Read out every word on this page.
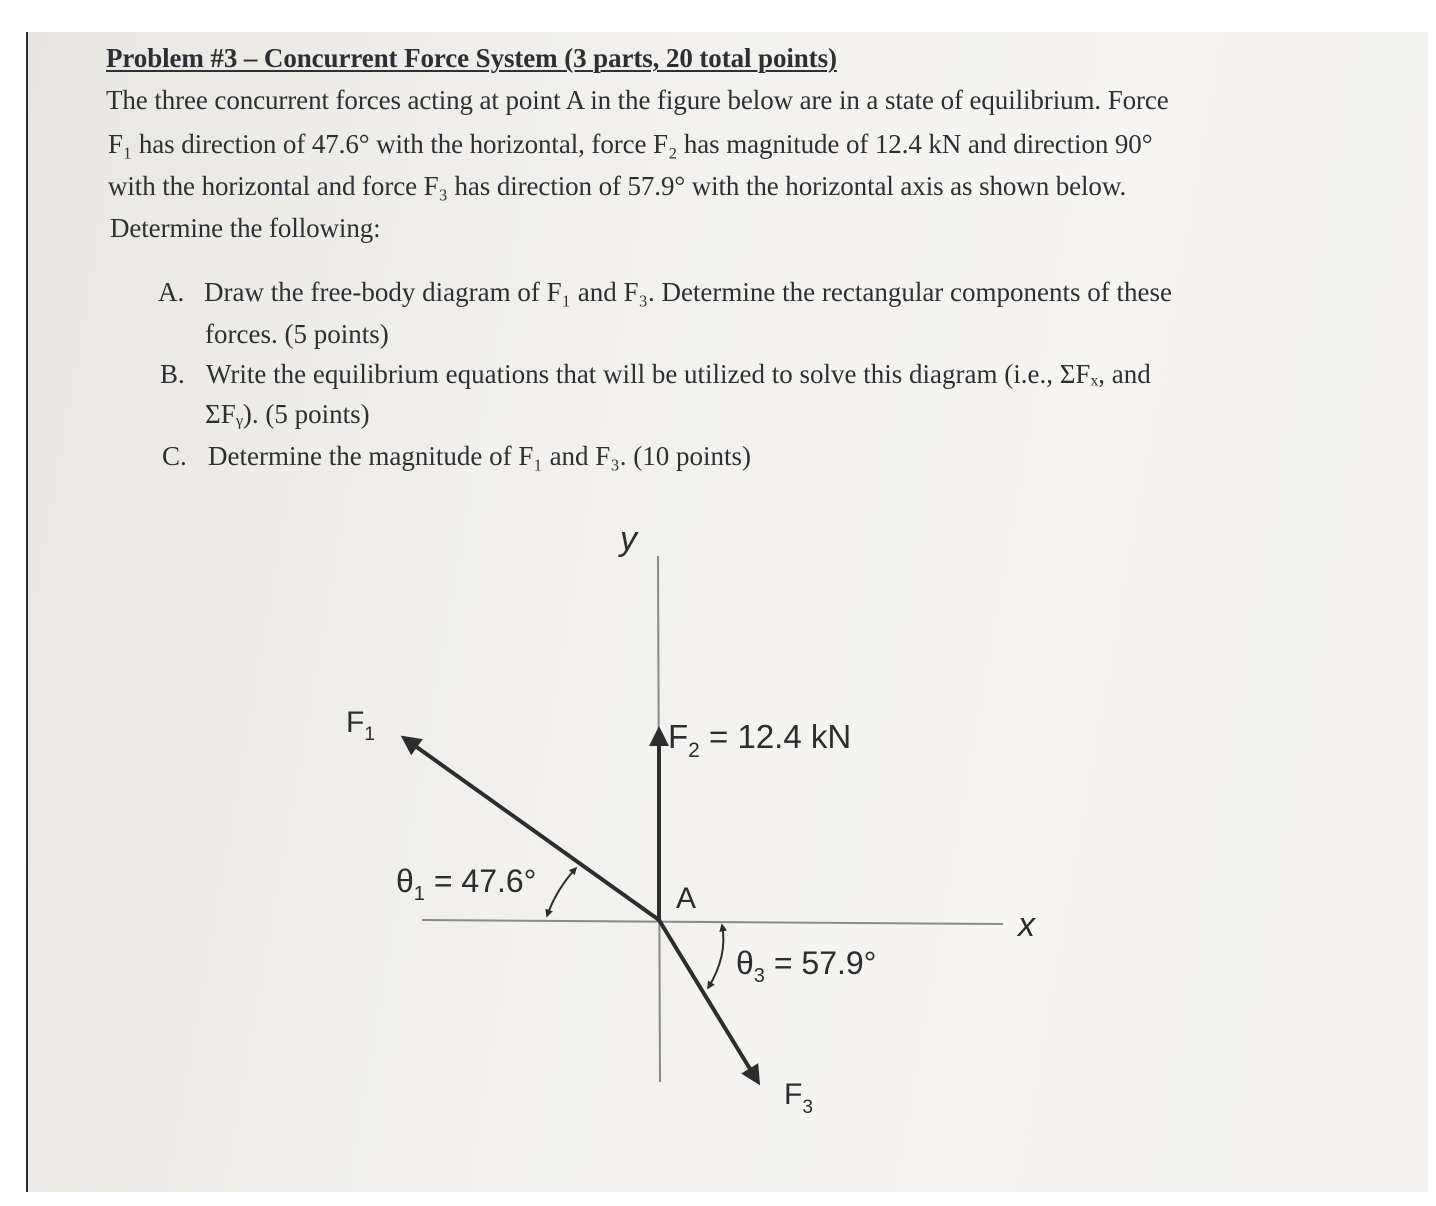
Problem #3 – Concurrent Force System (3 parts, 20 total points)
The three concurrent forces acting at point A in the figure below are in a state of equilibrium. Force
F₁ has direction of 47.6° with the horizontal, force F₂ has magnitude of 12.4 kN and direction 90°
with the horizontal and force F₃ has direction of 57.9° with the horizontal axis as shown below.
Determine the following:
A. Draw the free-body diagram of F₁ and F₃. Determine the rectangular components of these
forces. (5 points)
B. Write the equilibrium equations that will be utilized to solve this diagram (i.e., ΣFₓ, and
ΣFᵧ). (5 points)
C. Determine the magnitude of F₁ and F₃. (10 points)
y
x
A
$F_1$	$F_2 = 12.4$ kN
$F_3$
$\theta_1 = 47.6^\circ$
$\theta_3 = 57.9^\circ$
